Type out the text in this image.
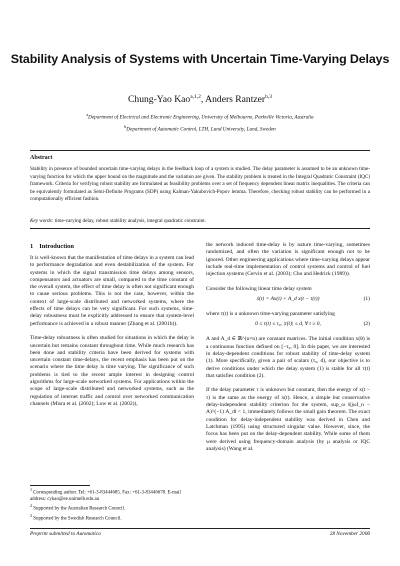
Stability Analysis of Systems with Uncertain Time-Varying Delays
Chung-Yao Kao$^{a,1,2}$, Anders Rantzer$^{b,3}$
$^a$Department of Electrical and Electronic Engineering, University of Melbourne, Parkville Victoria, Australia
$^b$Department of Automatic Control, LTH, Lund University, Lund, Sweden
Abstract
Stability in presence of bounded uncertain time-varying delays in the feedback loop of a system is studied. The delay parameter is assumed to be an unknown time-varying function for which the upper bound on the magnitude and the variation are given. The stability problem is treated in the Integral Quadratic Constraint (IQC) framework. Criteria for verifying robust stability are formulated as feasibility problems over a set of frequency dependent linear matrix inequalities. The criteria can be equivalently formulated as Semi-Definite Programs (SDP) using Kalman-Yakubovich-Popov lemma. Therefore, checking robust stability can be performed in a computationally efficient fashion.
Key words: time-varying delay, robust stability analysis, integral quadratic constraint.
1 Introduction

It is well-known that the manifestation of time delays in a system can lead to performance degradation and even destabilization of the system. For systems in which the signal transmission time delays among sensors, compensators and actuators are small, compared to the time constant of the overall system, the effect of time delay is often not significant enough to cause serious problems. This is not the case, however, within the context of large-scale distributed and networked systems, where the effects of time delays can be very significant. For such systems, time-delay robustness must be explicitly addressed to ensure that system-level performance is achieved in a robust manner (Zhang et al. (2001b)).

Time-delay robustness is often studied for situations in which the delay is uncertain but remains constant throughout time. While much research has been done and stability criteria have been derived for systems with uncertain constant time-delays, the recent emphasis has been put on the scenario where the time delay is time varying. The significance of such problems is tied to the recent ample interest in designing control algorithms for large-scale networked systems. For applications within the scope of large-scale distributed and networked systems, such as the regulation of internet traffic and control over networked communication channels (Misra et al. (2002); Low et al. (2002)),

the network induced time-delay is by nature time-varying, sometimes randomized, and often the variation is significant enough not to be ignored. Other engineering applications where time-varying delays appear include real-time implementation of control systems and control of fuel injection systems (Cervin et al. (2003); Cho and Hedrick (1989)).

Consider the following linear time delay system

ẋ(t) = Ax(t) + A_d x(t − τ(t))	(1)

where τ(t) is a unknown time-varying parameter satisfying

0 ≤ τ(t) ≤ τ₀, |τ̇(t)| ≤ d, ∀ t ≥ 0,	(2)

A and A_d ∈ ℝ^(n×n) are constant matrices. The initial condition x(θ) is a continuous function defined on [−τ₀, 0]. In this paper, we are interested in delay-dependent conditions for robust stability of time-delay system (1). More specifically, given a pair of scalars (τ₀, d), our objective is to derive conditions under which the delay system (1) is stable for all τ(t) that satisfies condition (2).

If the delay parameter τ is unknown but constant, then the energy of x(t − τ) is the same as the energy of x(t). Hence, a simple but conservative delay-independent stability criterion for the system, sup_ω ‖(jωI_n − A)^(−1) A_d‖ < 1, immediately follows the small gain theorem. The exact condition for delay-independent stability was derived in Chen and Latchman (1995) using structured singular value. However, since, the focus has been put on the delay-dependent stability. While some of them were derived using frequency-domain analysis (by μ analysis or IQC analysis) (Wang et al.

$^1$ Corresponding author. Tel: +61-3-83444685. Fax: +61-3-83446678. E-mail address: cykao@ee.unimelb.edu.au
$^2$ Supported by the Australian Research Council.
$^3$ Supported by the Swedish Research Council.
Preprint submitted to Automatica	28 November 2006
